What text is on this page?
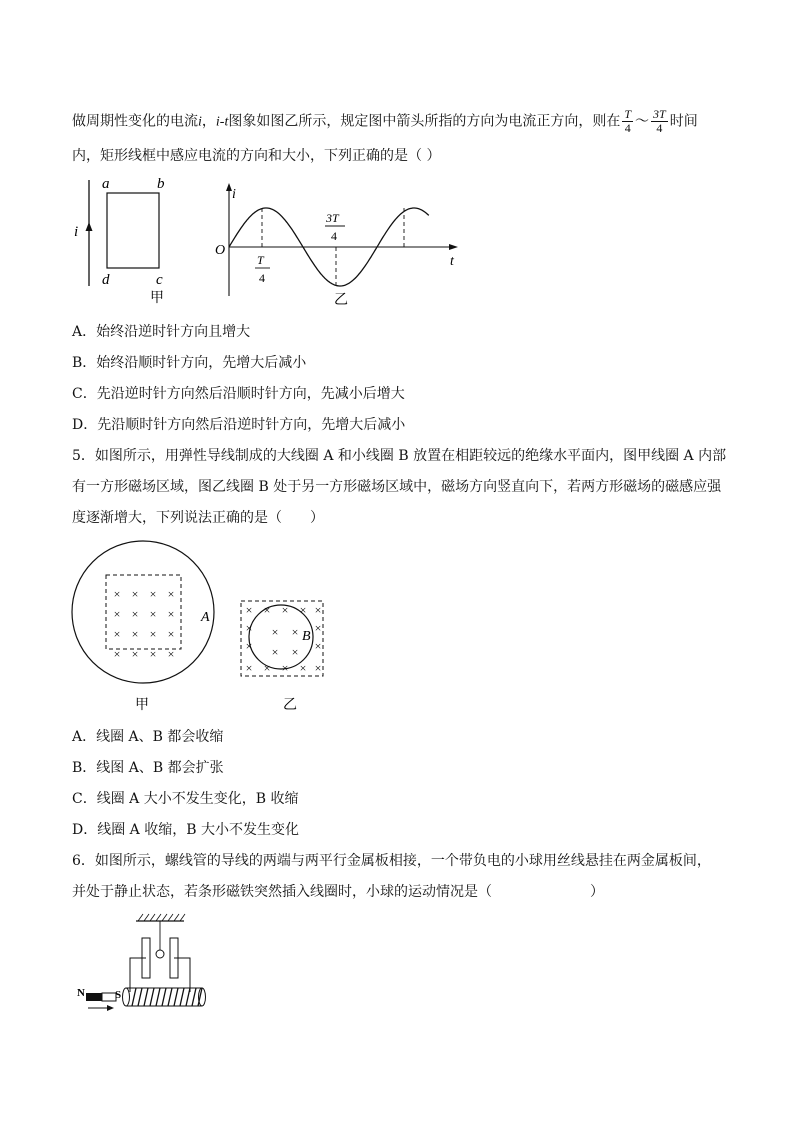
做周期性变化的电流i，i-t图象如图乙所示，规定图中箭头所指的方向为电流正方向，则在 $\frac{T}{4}$ ～ $\frac{3T}{4}$ 时间
内，矩形线框中感应电流的方向和大小，下列正确的是（ ）
i
a	b
d	c
甲
i
t
O
T
4
3T
4
乙
A．始终沿逆时针方向且增大
B．始终沿顺时针方向，先增大后减小
C．先沿逆时针方向然后沿顺时针方向，先减小后增大
D．先沿顺时针方向然后沿逆时针方向，先增大后减小
5．如图所示，用弹性导线制成的大线圈 A 和小线圈 B 放置在相距较远的绝缘水平面内，图甲线圈 A 内部
有一方形磁场区域，图乙线圈 B 处于另一方形磁场区域中，磁场方向竖直向下，若两方形磁场的磁感应强
度逐渐增大，下列说法正确的是（　　）
× × × ×
× × × ×
× × × ×
× × × ×
A
甲
× × × × ×
× × × ×
× × × ×
× × × × ×
B
乙
A．线圈 A、B 都会收缩
B．线图 A、B 都会扩张
C．线圈 A 大小不发生变化，B 收缩
D．线圈 A 收缩，B 大小不发生变化
6．如图所示，螺线管的导线的两端与两平行金属板相接，一个带负电的小球用丝线悬挂在两金属板间，
并处于静止状态，若条形磁铁突然插入线圈时，小球的运动情况是（　　　　　　　）
N	S
